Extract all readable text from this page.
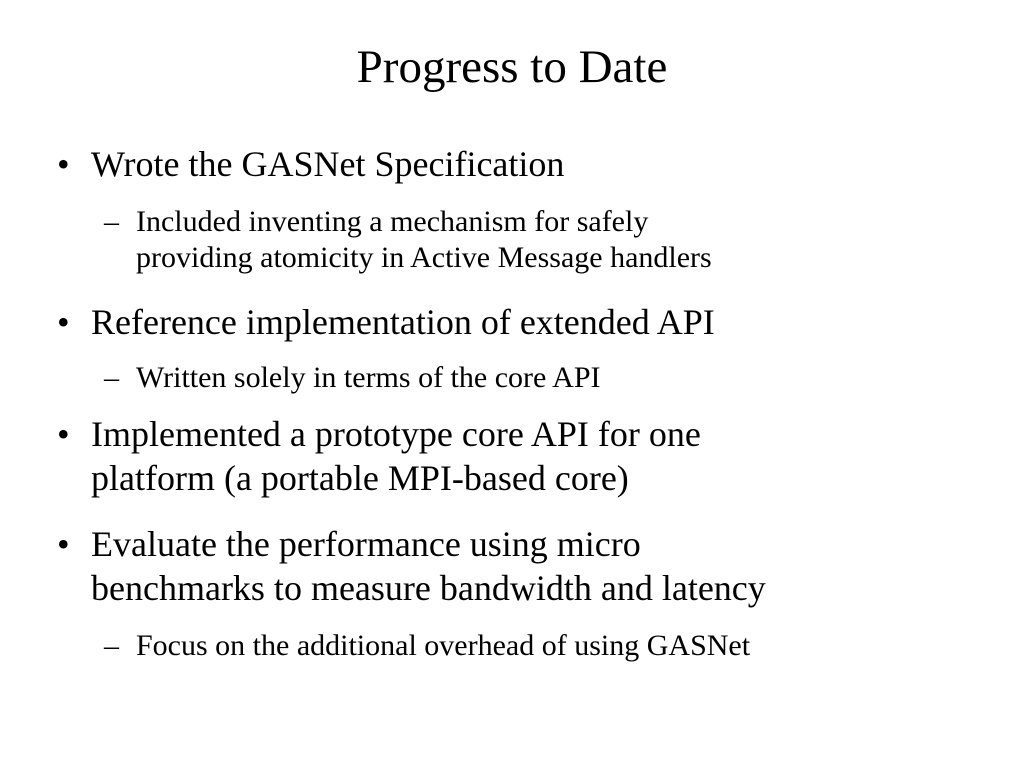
Progress to Date
• Wrote the GASNet Specification
– Included inventing a mechanism for safely
providing atomicity in Active Message handlers
• Reference implementation of extended API
– Written solely in terms of the core API
• Implemented a prototype core API for one
platform (a portable MPI-based core)
• Evaluate the performance using micro
benchmarks to measure bandwidth and latency
– Focus on the additional overhead of using GASNet
